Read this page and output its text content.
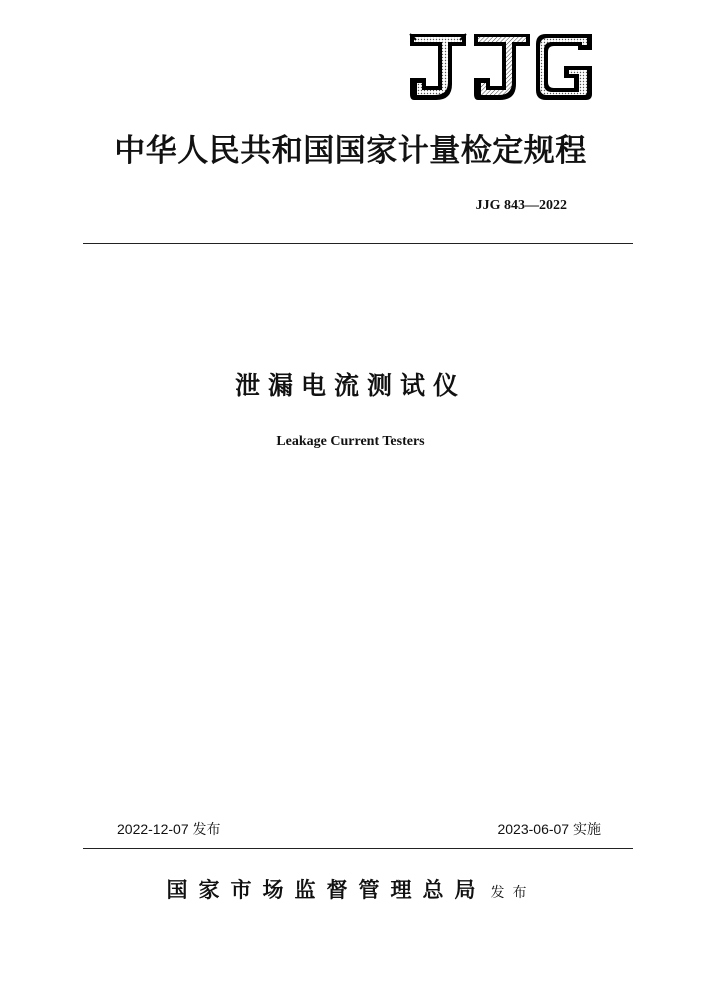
中华人民共和国国家计量检定规程
JJG 843—2022
泄漏电流测试仪
Leakage Current Testers
2022-12-07 发布	2023-06-07 实施
国家市场监督管理总局 发布
